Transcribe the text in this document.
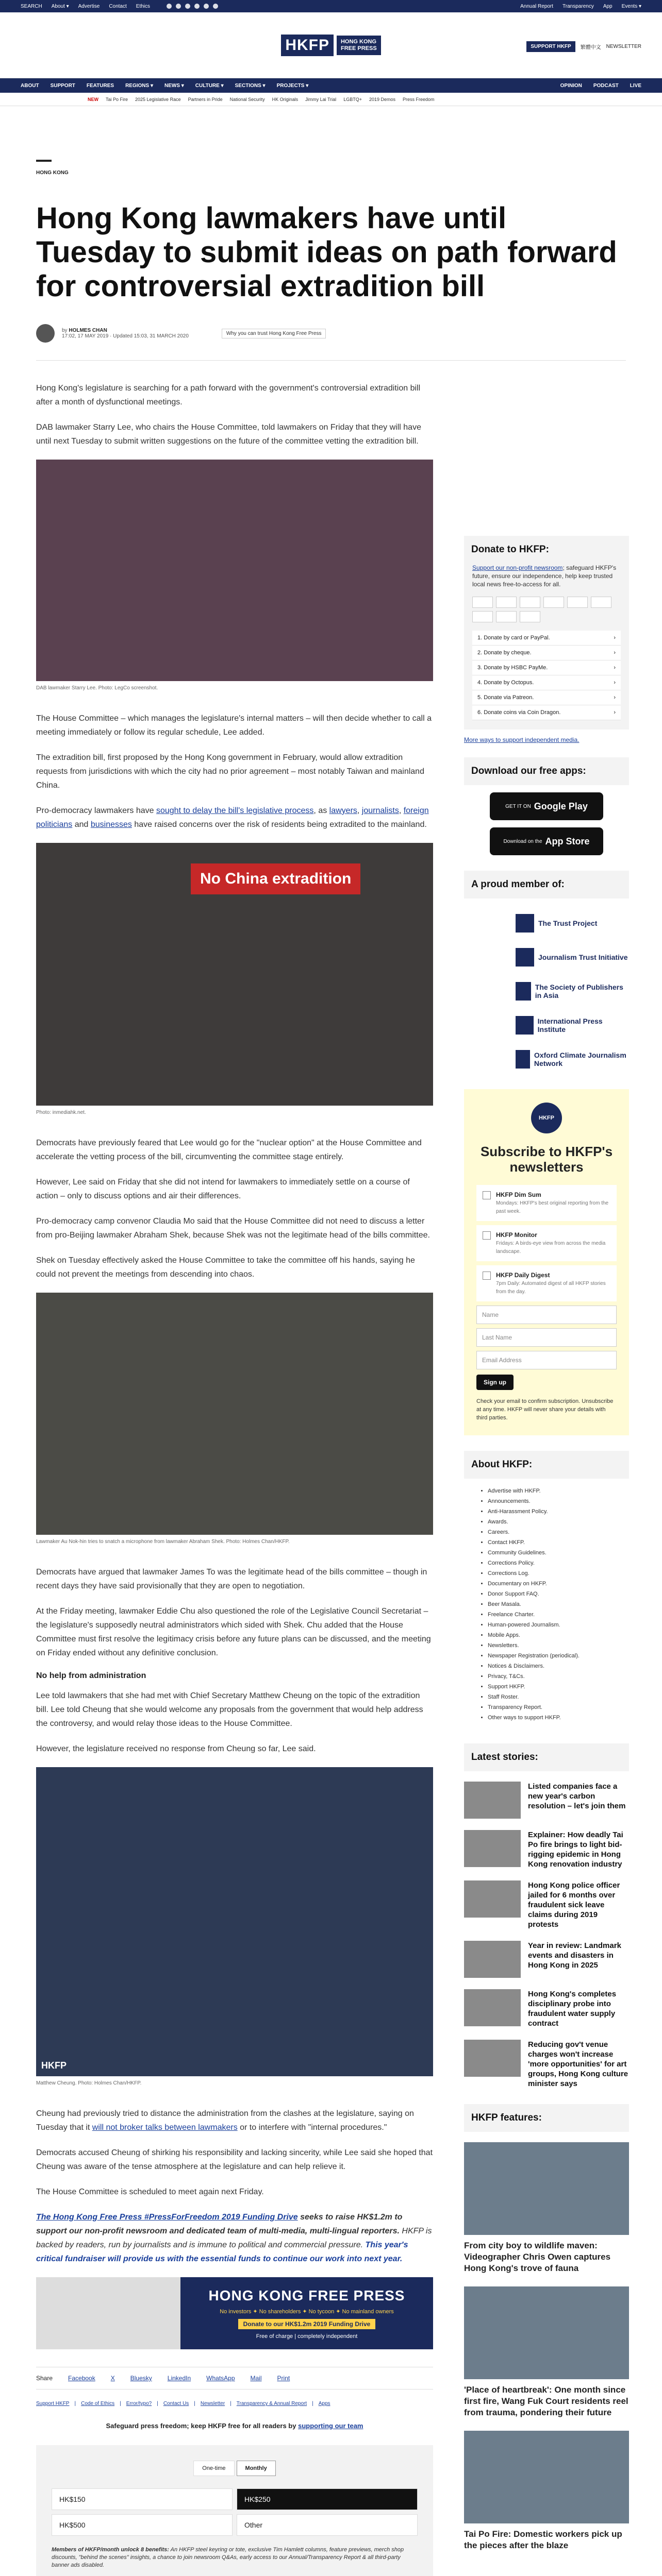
SEARCH About ▾ Advertise Contact Ethics	Annual Report Transparency App Events ▾
HKFP	HONG KONG
FREE PRESS	SUPPORT HKFP	繁體中文 NEWSLETTER
ABOUT SUPPORT FEATURES REGIONS ▾ NEWS ▾ CULTURE ▾ SECTIONS ▾ PROJECTS ▾	OPINION PODCAST LIVE
NEW Tai Po Fire 2025 Legislative Race Partners in Pride National Security HK Originals Jimmy Lai Trial LGBTQ+ 2019 Demos Press Freedom
HONG KONG
Hong Kong lawmakers have until Tuesday to submit ideas on path forward for controversial extradition bill
by HOLMES CHAN
17:02, 17 MAY 2019 · Updated 15:03, 31 MARCH 2020	Why you can trust Hong Kong Free Press

Hong Kong's legislature is searching for a path forward with the government's controversial extradition bill after a month of dysfunctional meetings.

DAB lawmaker Starry Lee, who chairs the House Committee, told lawmakers on Friday that they will have until next Tuesday to submit written suggestions on the future of the committee vetting the extradition bill.

DAB lawmaker Starry Lee. Photo: LegCo screenshot.

The House Committee – which manages the legislature's internal matters – will then decide whether to call a meeting immediately or follow its regular schedule, Lee added.

The extradition bill, first proposed by the Hong Kong government in February, would allow extradition requests from jurisdictions with which the city had no prior agreement – most notably Taiwan and mainland China.

Pro-democracy lawmakers have sought to delay the bill's legislative process, as lawyers, journalists, foreign politicians and businesses have raised concerns over the risk of residents being extradited to the mainland.

No China extradition
Photo: inmediahk.net.

Democrats have previously feared that Lee would go for the "nuclear option" at the House Committee and accelerate the vetting process of the bill, circumventing the committee stage entirely.

However, Lee said on Friday that she did not intend for lawmakers to immediately settle on a course of action – only to discuss options and air their differences.

Pro-democracy camp convenor Claudia Mo said that the House Committee did not need to discuss a letter from pro-Beijing lawmaker Abraham Shek, because Shek was not the legitimate head of the bills committee.

Shek on Tuesday effectively asked the House Committee to take the committee off his hands, saying he could not prevent the meetings from descending into chaos.

Lawmaker Au Nok-hin tries to snatch a microphone from lawmaker Abraham Shek. Photo: Holmes Chan/HKFP.

Democrats have argued that lawmaker James To was the legitimate head of the bills committee – though in recent days they have said provisionally that they are open to negotiation.

At the Friday meeting, lawmaker Eddie Chu also questioned the role of the Legislative Council Secretariat – the legislature's supposedly neutral administrators which sided with Shek. Chu added that the House Committee must first resolve the legitimacy crisis before any future plans can be discussed, and the meeting on Friday ended without any definitive conclusion.

No help from administration

Lee told lawmakers that she had met with Chief Secretary Matthew Cheung on the topic of the extradition bill. Lee told Cheung that she would welcome any proposals from the government that would help address the controversy, and would relay those ideas to the House Committee.

However, the legislature received no response from Cheung so far, Lee said.

HKFP
Matthew Cheung. Photo: Holmes Chan/HKFP.

Cheung had previously tried to distance the administration from the clashes at the legislature, saying on Tuesday that it will not broker talks between lawmakers or to interfere with "internal procedures."

Democrats accused Cheung of shirking his responsibility and lacking sincerity, while Lee said she hoped that Cheung was aware of the tense atmosphere at the legislature and can help relieve it.

The House Committee is scheduled to meet again next Friday.

The Hong Kong Free Press #PressForFreedom 2019 Funding Drive seeks to raise HK$1.2m to support our non-profit newsroom and dedicated team of multi-media, multi-lingual reporters. HKFP is backed by readers, run by journalists and is immune to political and commercial pressure. This year's critical fundraiser will provide us with the essential funds to continue our work into next year.

HONG KONG FREE PRESS
No investors ✦ No shareholders ✦ No tycoon ✦ No mainland owners
Donate to our HK$1.2m 2019 Funding Drive
Free of charge | completely independent
Share	Facebook	X	Bluesky	LinkedIn	WhatsApp	Mail	Print
Support HKFP | Code of Ethics | Error/typo? | Contact Us | Newsletter | Transparency & Annual Report | Apps
Safeguard press freedom; keep HKFP free for all readers by supporting our team
One-time	Monthly
HK$150	HK$250
HK$500	Other
Members of HKFP/month unlock 8 benefits: An HKFP steel keyring or tote, exclusive Tim Hamlett columns, feature previews, merch shop discounts, "behind the scenes" insights, a chance to join newsroom Q&As, early access to our Annual/Transparency Report & all third-party banner ads disabled.
Donate to HKFP:

Support our non-profit newsroom; safeguard HKFP's future, ensure our independence, help keep trusted local news free-to-access for all.

1. Donate by card or PayPal.	›
2. Donate by cheque.	›
3. Donate by HSBC PayMe.	›
4. Donate by Octopus.	›
5. Donate via Patreon.	›
6. Donate coins via Coin Dragon.	›

More ways to support independent media.

Download our free apps:
GET IT ON Google Play
Download on the App Store
A proud member of:
The Trust Project
Journalism Trust Initiative
The Society of Publishers in Asia
International Press Institute
Oxford Climate Journalism Network
HKFP
Subscribe to HKFP's newsletters
HKFP Dim Sum
Mondays: HKFP's best original reporting from the past week.
HKFP Monitor
Fridays: A birds-eye view from across the media landscape.
HKFP Daily Digest
7pm Daily: Automated digest of all HKFP stories from the day.
Name
Last Name
Email Address
Sign up

Check your email to confirm subscription. Unsubscribe at any time. HKFP will never share your details with third parties.

About HKFP:
• Advertise with HKFP.
• Announcements.
• Anti-Harassment Policy.
• Awards.
• Careers.
• Contact HKFP.
• Community Guidelines.
• Corrections Policy.
• Corrections Log.
• Documentary on HKFP.
• Donor Support FAQ.
• Beer Masala.
• Freelance Charter.
• Human-powered Journalism.
• Mobile Apps.
• Newsletters.
• Newspaper Registration (periodical).
• Notices & Disclaimers.
• Privacy, T&Cs.
• Support HKFP.
• Staff Roster.
• Transparency Report.
• Other ways to support HKFP.
Latest stories:
Listed companies face a new year's carbon resolution – let's join them
Explainer: How deadly Tai Po fire brings to light bid-rigging epidemic in Hong Kong renovation industry
Hong Kong police officer jailed for 6 months over fraudulent sick leave claims during 2019 protests
Year in review: Landmark events and disasters in Hong Kong in 2025
Hong Kong's completes disciplinary probe into fraudulent water supply contract
Reducing gov't venue charges won't increase 'more opportunities' for art groups, Hong Kong culture minister says
HKFP features:
From city boy to wildlife maven: Videographer Chris Owen captures Hong Kong's trove of fauna
'Place of heartbreak': One month since first fire, Wang Fuk Court residents reel from trauma, pondering their future
Tai Po Fire: Domestic workers pick up the pieces after the blaze
